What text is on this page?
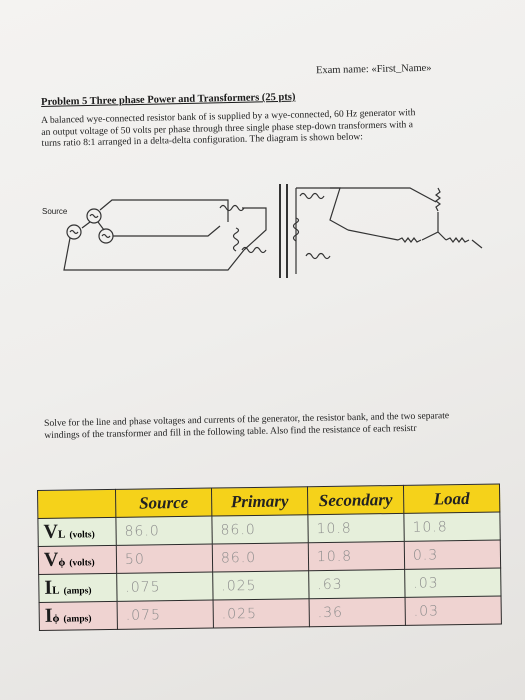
Exam name: «First_Name»
Problem 5 Three phase Power and Transformers (25 pts)
A balanced wye-connected resistor bank of is supplied by a wye-connected, 60 Hz generator with an output voltage of 50 volts per phase through three single phase step-down transformers with a turns ratio 8:1 arranged in a delta-delta configuration. The diagram is shown below:
Source
Solve for the line and phase voltages and currents of the generator, the resistor bank, and the two separate windings of the transformer and fill in the following table. Also find the resistance of each resistr
	Source	Primary	Secondary	Load
VL (volts)	86.0	86.0	10.8	10.8
Vϕ (volts)	50	86.0	10.8	0.3
IL (amps)	.075	.025	.63	.03
Iϕ (amps)	.075	.025	.36	.03
